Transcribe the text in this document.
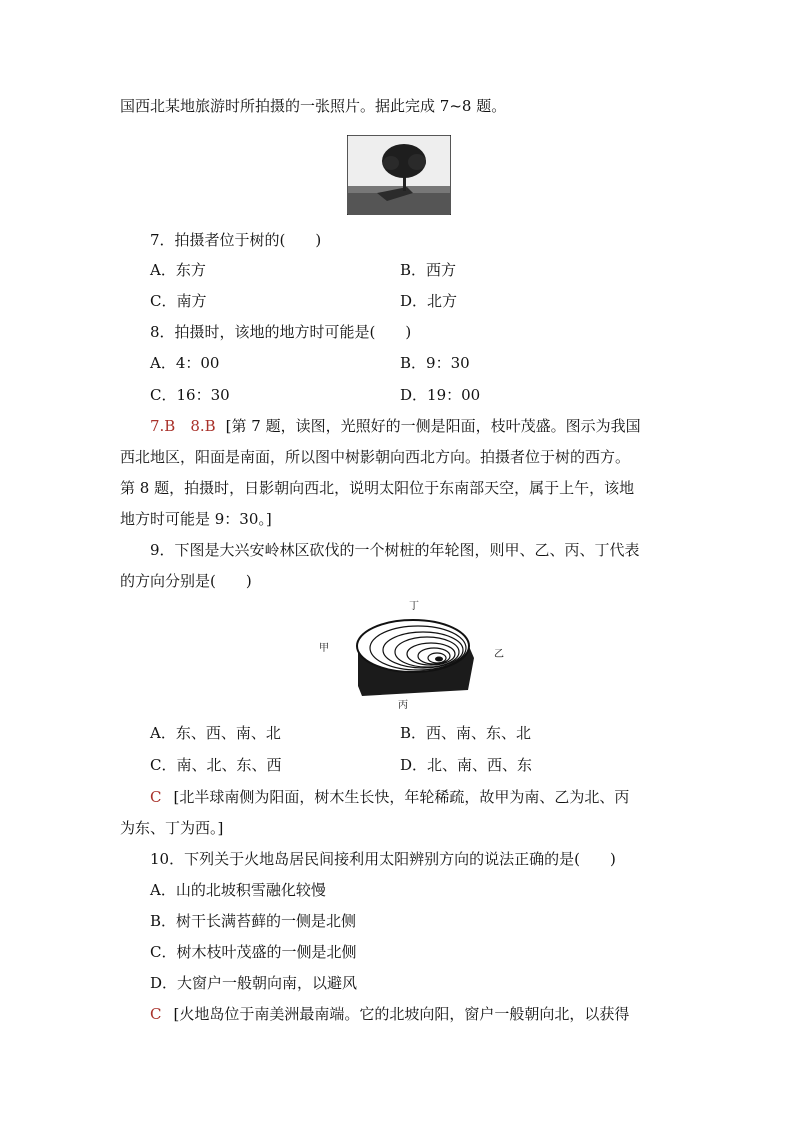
国西北某地旅游时所拍摄的一张照片。据此完成 7~8 题。
7．拍摄者位于树的(　　)
A．东方	B．西方
C．南方	D．北方
8．拍摄时，该地的地方时可能是(　　)
A．4：00	B．9：30
C．16：30	D．19：00
7.B　8.B [第 7 题，读图，光照好的一侧是阳面，枝叶茂盛。图示为我国
西北地区，阳面是南面，所以图中树影朝向西北方向。拍摄者位于树的西方。
第 8 题，拍摄时，日影朝向西北，说明太阳位于东南部天空，属于上午，该地
地方时可能是 9：30。]
9．下图是大兴安岭林区砍伐的一个树桩的年轮图，则甲、乙、丙、丁代表
的方向分别是(　　)
丁
甲
乙
丙
A．东、西、南、北	B．西、南、东、北
C．南、北、东、西	D．北、南、西、东
C [北半球南侧为阳面，树木生长快，年轮稀疏，故甲为南、乙为北、丙
为东、丁为西。]
10．下列关于火地岛居民间接利用太阳辨别方向的说法正确的是(　　)
A．山的北坡积雪融化较慢
B．树干长满苔藓的一侧是北侧
C．树木枝叶茂盛的一侧是北侧
D．大窗户一般朝向南，以避风
C [火地岛位于南美洲最南端。它的北坡向阳，窗户一般朝向北，以获得
